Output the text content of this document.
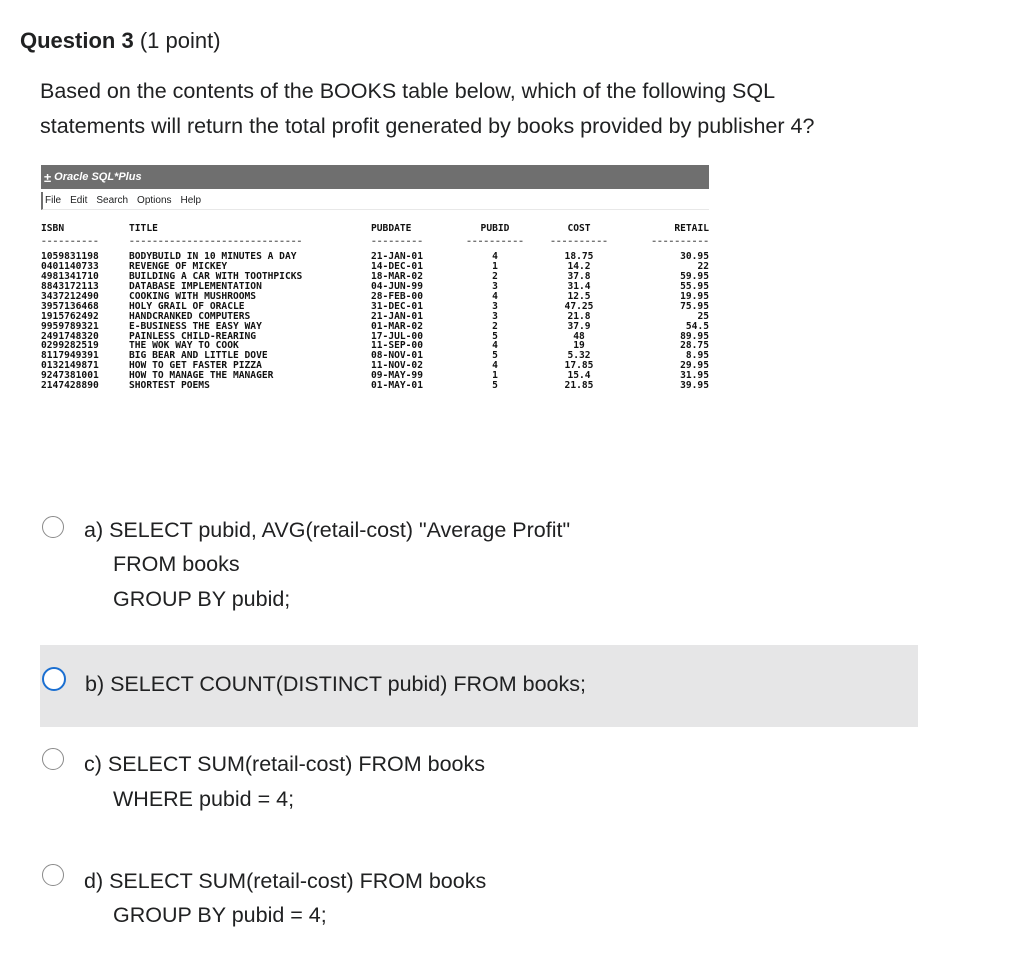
Question 3 (1 point)
Based on the contents of the BOOKS table below, which of the following SQL
statements will return the total profit generated by books provided by publisher 4?
± Oracle SQL*Plus
File Edit Search Options Help
ISBN	TITLE	PUBDATE	PUBID	COST	RETAIL
----------	------------------------------	---------	----------	----------	----------
1059831198	BODYBUILD IN 10 MINUTES A DAY	21-JAN-01	4	18.75	30.95
0401140733	REVENGE OF MICKEY	14-DEC-01	1	14.2	22
4981341710	BUILDING A CAR WITH TOOTHPICKS	18-MAR-02	2	37.8	59.95
8843172113	DATABASE IMPLEMENTATION	04-JUN-99	3	31.4	55.95
3437212490	COOKING WITH MUSHROOMS	28-FEB-00	4	12.5	19.95
3957136468	HOLY GRAIL OF ORACLE	31-DEC-01	3	47.25	75.95
1915762492	HANDCRANKED COMPUTERS	21-JAN-01	3	21.8	25
9959789321	E-BUSINESS THE EASY WAY	01-MAR-02	2	37.9	54.5
2491748320	PAINLESS CHILD-REARING	17-JUL-00	5	48	89.95
0299282519	THE WOK WAY TO COOK	11-SEP-00	4	19	28.75
8117949391	BIG BEAR AND LITTLE DOVE	08-NOV-01	5	5.32	8.95
0132149871	HOW TO GET FASTER PIZZA	11-NOV-02	4	17.85	29.95
9247381001	HOW TO MANAGE THE MANAGER	09-MAY-99	1	15.4	31.95
2147428890	SHORTEST POEMS	01-MAY-01	5	21.85	39.95
a) SELECT pubid, AVG(retail-cost) "Average Profit"
FROM books
GROUP BY pubid;
b) SELECT COUNT(DISTINCT pubid) FROM books;
c) SELECT SUM(retail-cost) FROM books
WHERE pubid = 4;
d) SELECT SUM(retail-cost) FROM books
GROUP BY pubid = 4;
